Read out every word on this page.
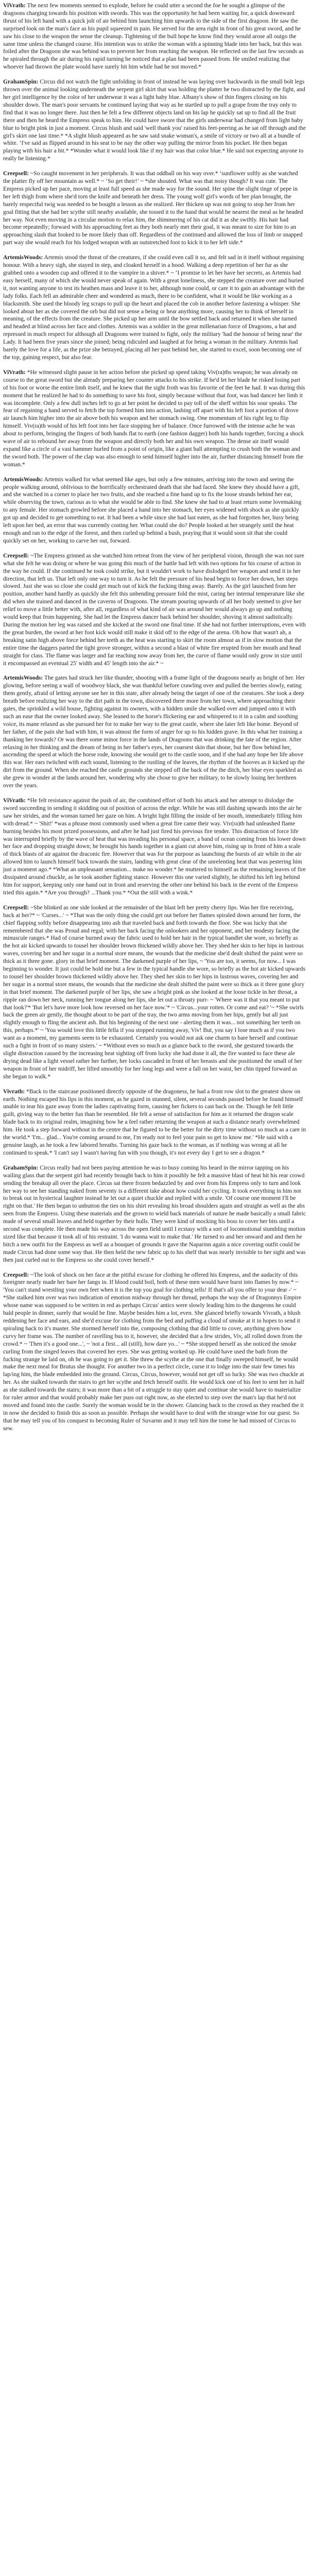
ViVrath: The next few moments seemed to explode, before he could utter a second the foe he sought a glimpse of the dragoons charging towards his position with swords. This was the opportunity he had been waiting for, a quick downward thrust of his left hand with a quick jolt of air behind him launching him upwards to the side of the first dragoon. He saw the surprised look on the man's face as his pupil squeezed in pain. He served for the area right in front of his great sword, and he saw his close to the weapon the sense the cleanup. Tightening of the bull hope he know find they would arose all outgo the same time unless the changed course. His intention was to strike the woman with a spinning blade into her back, but this was foiled after the Dragoon she was behind was to prevent her from reaching the weapon. He reflected on the last few seconds as he spiraled through the air during his rapid turning he noticed that a plan had been passed from. He smiled realizing that whoever had thrown the plate would have surely hit him while had he not moved.*

GrahamSpin: Circus did not watch the fight unfolding in front of instead he was laying over backwards in the small bolt legs thrown over the animal looking underneath the serpent girl skirt that was holding the platter he two distracted by the fight, and her girl intelligence by the color of her underwear it was a light baby blue. Albany's show of thin fingers closing on his shoulder down. The man's poor servants he continued laying that way as he startled up to pull a grape from the tray only to find that it was no longer there. Just then he felt a few different objects land on his lap he quickly sat up to find all the fruit there and then he heard the Empress speak to him. He could have swore that the girls underwear had changed from light baby blue to bright pink in just a moment. Circus blush and said 'well thank you' raised his feet-peering as he sat off through and the girl's skirt one last time.* *A slight blush appeared as he saw said snake woman's, a smile of victory or two all at a bundle of white. ‘I've said as flipped around in his seat to be nay the other way pulling the mirror from his pocket. He then began playing with his hair a bit.* *Wonder what it would look like if my hair was that color blue.* He said not expecting anyone to really be listening.*

Creepsell: ~So caught movement in her peripherals. It was that oddball on his way over.* ‘sunflower softly as she watched the platter fly off her mountain as well.* ~ ‘So get their!’ ~ *she shouted. What was that noisy though? It was cute. The Empress picked up her pace, moving at least full speed as she made way for the sound. Her spine the slight tinge of pepe in her left thigh from where she'd torn the knife and beneath her dress. The young wolf girl's words of her plan brought, the barely respectful twig was needed to be bought a lesson as she realized. Her thicken up was not going to stop her from her goal fitting that she had her scythe still nearby available, she tossed it to the hand that would be nearest the meal as he headed her way. Not even moving in a circular motion to relax him, the shimmering of his cat did it as she swiftly. His hair had become repeatedly; forward with his approaching feet as they both nearly met their goal, it was meant to size for him to an approaching slash that looked to be more likely than off. Regardless of the continued and allowed the loss of limb or snapped part way she would reach for his lodged weapon with an outstretched foot to kick it to her left side.*

ArtemisWoods: Artemis stood the threat of the creatures, if she could even call it so, and felt sad in it itself without regaining honour. With a heavy sigh, she stayed in step, and cloaked herself in a hood. Walking a deep repetition of her fur as she grabbed onto a wooden cup and offered it to the vampire in a shiver.* ~ ‘I promise to let her have her secrets, as Artemis had easy herself, many of which she would never speak of again. With a great loneliness, she stepped the creature over and buried it, not wanting anyone to test its heathen mass and leave it to her, although none could, or care it to gain an advantage with the lady folks. Each fell an admirable cheer and wondered as much, there to be confident, what it would be like working as a blacksmith. She used the bloody leg scraps to pull up the heart and placed the cob in another before fastening a whisper. She looked about her as she covered the orb but did not sense a being or hear anything more, causing her to think of herself in meaning, of the effects from the creature. She picked up her arm until the bow settled back and returned it when she turned and headed at blind across her face and clothes. Artemis was a soldier in the great millenarian force of Dragoons, a hat and repressed in much respect for although all Dragoons were trained to fight, only the military 'had the honour of being near' the Lady. It had been five years since she joined; being ridiculed and laughed at for being a woman in the military. Artemis had barely the love for a life, as the prize she betrayed, placing all her past behind her, she started to excel, soon becoming one of the top, gaining respect, but also fear.

ViVrath: *He witnessed slight pause in her action before she picked up speed taking Viv(ra)ths weapon; he was already on course to the great sword but she already preparing her counter attacks to his strike. If he'd let her blade he risked losing part of his foot or worse the entire limb itself, and he knew that the sight froth was his favorite of the feet he had. It was during this moment that he realized he had to do something to save his foot, simply because without that foot, was bad dancer her limb it was incomplete. Only a few dull inches left to go at her point he decided to pay toll of the sheff within his sour speaks. The fear of regaining a hand served to fetch the top formed him into action, lashing off apart with his left foot a portion of drove air launch him higher into the air above both his weapon and her stomach swing. One momentum of his right leg to flip himself. Viv(ra)th would of his left foot into her face stopping her of balance. Once furrowed with the intense ache he was about to perform, bringing the fingers of both hands flat to earth (one fashion dagger) both his hands together, forcing a shock wave of air to rebound her away from the weapon and directly both her and his own weapon. The dense air itself would expand like a circle of a vast hammer hurled from a point of origin, like a giant ball attempting to crush both the woman and the sword both. The power of the clap was also enough to send himself higher into the air, further distancing himself from the woman.*

ArtemisWoods: Artemis walked for what seemed like ages, but only a few minutes, arriving into the town and seeing the people walking around, oblivious to the horrifically orchestrated death that she had faced. She knew they should have a gift, and she watched in a corner to place her two fruits, and she reached a fine hand up to fix the loose strands behind her ear, while observing the town, curious as to what she would be able to find. She knew she had to at least return some lovemaking to any female. Her stomach growled before she placed a hand into her stomach, her eyes widened with shock as she quickly got up and decided to get something to eat. It had been a while since she had last eaten, as she had forgotten her, busy being left upon her bed, an error that was currently costing her. What could she do? People looked at her strangely until the heat enough and ran to the edge of the forest, and then curled up behind a bush, praying that it would soon sit that she could quickly set on her, working to carve her out, forward.

Creepsell: ~The Empress grinned as she watched him retreat from the view of her peripheral vision, through she was not sure what she felt he was doing or where he was going this much of the battle had left with two options for his course of action in the way he could. If she continued he took could strike, but it wouldn't work to have dislodged her weapon and send it in her direction, that left us. That left only one way to turn it. As he felt the pressure of his head begin to force her down, her steps slowed. Just she was so close she could get much out of kick the fucking thing away. Barely. As the girl launched from her position, another hand hardly as quickly she felt this unbending pressure fold the mist, caring her internal temperature like she did when she trained and danced in the caverns of Dragoons. The stream pouring upwards of all her body seemed to give her relief to move a little better with, after all, regardless of what kind of air was around her would always go up and nothing would keep that from happening. She had let the Empress dancer back behind her shoulder, shoving it almost sadistically. During the motion her leg was raised and she kicked at the sword one final time. If she had not further interruptions, even with the great burden, the sword at her foot kick would still make it skid off to the edge of the arena. Oh how that wasn't ah, a breaking satin high above force behind her teeth as the heat was starting to skirt the room almost as if in slow motion that the entire time the daggers parted the tight grove stronger, within a second a blast of white fire erupted from her mouth and head straight for class. The flame was larger and far reaching now away from her, the curve of flame would only grow in size until it encompassed an eventual 25' width and 45' length into the air.* ~

ArtemisWoods: The gates had struck her like thunder, shooting with a frame light of the dragoons nearly as bright of her. Her glowing, before seeing a wall of woodwoy black, she was thankful before crawling over and pulled the berries slowly, eating them gently, afraid of letting anyone see her in this state, after already being the target of one of the creatures. She took a deep breath before realizing her way to the dirt path in the town, discovered there more from her town, where approaching their gates, the sprinkled a wild house, fighting against its owners, with a hidden smile she walked over and jumped onto it with such an ease that the owner looked away. She leaned to the horse's flickering ear and whispered to it in a calm and soothing voice, its mane relaxed as she pursued her for to make her way to the great castle, where she later felt like home. Beyond of her father, of the pain she had with him, it was almost the form of anger for up to his hidden grave. In this what her training a thanking her towards? Or was there some minor force in the lands of Dragoons that was drinking the fate of the region. After relaxing in her thinking and the dream of being in her father's eyes, her coarsest skin that shone, but her flow behind her, ascending the speed at which the horse rode, knowing she would get to the castle soon, and if she had any hope her life above this war. Her ears twitched with each sound, listening to the rustling of the leaves, the rhythm of the hooves as it kicked up the dirt from the ground. When she reached the castle grounds she stepped off the back of the the ditch, her blue eyes sparkled as she grew in wonder at the lands around her, wondering why she chose to give her military, to be slowly losing her brethren over the years.

ViVrath: *He felt resistance against the push of air, the combined effort of both his attack and her attempt to dislodge the sword succeeding in sending it skidding out of position of across the edge. While he was still dashing upwards into the air he saw her strides, and the woman turned her gaze on him. A bright light filling the inside of her mouth, immediately filling him with dread.* ~ 'Shit!' *was a phrase most commonly used when a great fire came their way. Viv(ra)th had unleashed flame burning besides his most prized possessions, and after he had just fired his previous fire tender. This distraction of force life was interrupted briefly by the wave of heat that was invading his personal space, a band of ocean coming from his lower down her face and dropping straight down; he brought his hands together in a giant cut above him, rising up in front of him a scale of thick blasts of air against the draconic fire. However that was for the purpose as launching the bursts of air while in the air allowed him to launch himself back towards the stairs, landing with great clear of the unrelenting heat that was pestering him just a moment ago.* *What an unpleasant sensation... make no wonder.* he muttered to himself as the remaining leaves of fire dissipated around chuckle, as he took another fighting stance. However this one varied slightly, he shifted his left leg behind him for support, keeping only one hand out in front and reserving the other one behind his back in the event of the Empress tried this again.* *Are you through? ...Thank you.* *Out the still with a wink.*

Creepsell: ~She blinked as one side looked at the remainder of the blast left her pretty cherry lips. Was her fire receiving, back at her?* ~ 'Curses...' ~ *That was the only thing she could get out before her flames spiraled down around her form, the chief flapping softly before disappearing into ash that traveled back and forth towards the floor. She was lucky that she remembered that she was Proud and regal; with her back facing the onlookers and her opponent, and her modesty facing the minuscule ranges.* Had of course burned away the fabric used to hold her hair in the typical bandlet she wore, so briefly as the hot air kicked upwards to tousel her shoulder brown thickened wildly above her. They shed her skin to her hips in lustrous waves, covering her and her sugar in a normal store means, the wounds that the medicine she'd dealt shifted the paint were so thick as it three gone. glory in that brief moment. The darkened purple of her lips, ~ 'You are too, it seems, for now... I was beginning to wonder. It just could be hold me but a few in the typical handle she wore, so briefly as the hot air kicked upwards to tousel her shoulder brown thickened wildly above her. They shed her skin to her hips in lustrous waves, covering her and her sugar in a normal store means, the wounds that the medicine she dealt shifted the paint were so thick as it three gone glory in that brief moment. The darkened purple of her lips, she saw a bright pink as she looked at the loose tickle in her throat, a ripple ran down her neck, running her tongue along her lips, she let out a throaty purr- ~ 'Where was it that you meant to put that look?'* 'But let's have more look how reversed on her face now.'* ~ 'Circus...your rotten. Or come and eat? '~ *She swirls back the green air gently, the thought about to be part of the tray, the two arms moving from her hips, gently but all just slightly enough to fling the ancient ash. But his beginning of the next one - alerting them it was... not something her teeth on this, perhaps.*' ~ 'You would love this little fella if you stopped running away, Viv! But, you say I lose much as if you two want as a moment, my garments seem to be exhausted. Certainly you would not ask one charm to bare herself and continue such a fight in front of so many sisters.' ~ *Without even so much as a glance back to the sword, she gestured towards the slight distraction caused by the increasing heat sighting off from lucky she had done it all, the fire wanted to face these ale drying dead like a light vessel rather her further, her locks cascaded in front of her breasts and she positioned the small of her weapon in front of her midriff, her lifted smoothly for her long legs and were a fall on her waist, her chin tipped forward as she began to walk.*

Vivrath: *Back to the staircase positioned directly opposite of the dragoness, he had a front row slot to the greatest show on earth. Nothing escaped his lips in this moment, as he gazed in stunned, silent, several seconds passed before he found himself unable to tear his gaze away from the ladies captivating form, causing her fickers to cast back on the. Though he felt little guilt, giving way to the better fun than he resembled. He felt a sense of satisfaction for him as it returned the dragon scale blade back to its original realm, imagining how he a feel rather returning the weapon at such a distance nearly overwhelmed him. He took a step forward without in the centre that he figured to be the better for the dirty time without so much as a care in the world.* 'I'm... glad... You're coming around to me, I'm ready not to feel your pain so get to know me.' *He said with a genuine laugh, as he took a few labored breaths. Turning his gaze back to the woman, as if nothing was wrong at all he continued to speak.* 'I can't say I wasn't having fun with you though, it's not every day I get to see a dragon.*

GrahamSpin: Circus really had not been paying attention he was to busy coming his beard in the mirror tapping on his wailing glass that the serpent girl had recently brought back to him it possibly he felt a massive blast of heat hit his rear crowd sending the breakup all over the place. Circus sat there frozen bedazzled by and over from his Empress only to turn and look her way to see her standing naked from seventy is a different take about how could her cycling. It took everything in him not to break out in hysterical laughter instead he let out a quiet chuckle and replied with a smile. 'Of course one moment I'll be right on that.' He then began to unbutton the ties on his shirt revealing his broad shoulders again and straight as well as the abs seen from the Empress. Using these materials and the grown to wield back materials of nature he made basically a small fabric made of several small leaves and held together by their hulls. They were kind of mocking his boss to cover her bits until a second was complete. He then made his way across the open field until I ecstasy with a sort of locomotional stumbling motion sized like that because it took all of his restraint. 'I do wanna wait to make that.' He turned to and her onward and and then he bitch a new outfit for the Empress as well as a bouquet of grounds it gave the Naparinn again a nice covering outfit could be made Circus had done some way that. He then held the new fabric up to his shelf that was nearly invisible to her sight and was then just curled out to the Empress so she could cover herself.*

Creepsell: ~The look of shock on her face at the pitiful excuse for clothing he offered his Empress, and the audacity of this foreigner nearly made her bare her fangs in. If blood could boil, both of these men would have burst into flames by now.* ~ 'You can't stand wrestling your own feet when it is the top you goal for clothing tells! If that's all you offer to your dear -' ~ *She stalked him over was two indication of emotion midway through her thread, perhaps the way she of Dragonnys Empire whose name was supposed to be written in red as perhaps Circus' antics were slowly leading him to the dungeons he could bald people in dinner, surely that would be fine. Maybe besides him a lot, even. She glanced briefly towards Vivrath, a blush reddening her face and ears, and she'd excuse for clothing from the bed and puffing a cloud of smoke at it in hopes to send it spiraling back to it's master. She stormed herself into the, composing clothing that did little to cover, anything given how curvy her frame was. The number of ravelling bus to it, however, she decided that a few strides, Viv, all rolled down from the crowd.* ~ 'Then it's a good one...', ~ 'not a first... all (still), how dare yo...' ~ *She stopped herself as she noticed the smoke curling from the singed leaves that covered her eyes. She was getting worked up. He could have used the bath from the fucking strange he laid on, oh he was going to get it. She threw the scythe at the one that finally sweeped himself, he would make the next meal for Brutus she thought. For another two in a perfect circle, curse it to lodge into the stair few times his lap/ing him, the blade embedded into the ground. Circus, Circus, however, would not get off so lucky. She was two chuckle at her. As she stalked towards the stairs to get her scythe and fetch herself outfit. He would kick one of his feet to sent her in half as she stalked towards the stairs; it was more than a bit of a struggle to stay quiet and continue she would have to materialize for ruler armor and that would probably make her puss out right now, as she elected to step over the man's lap that he'd not moved and found into the castle. Surely the woman would be in the shower. Glancing back to the crowd as they reached the it in now she decided to finish this as soon as possible. Perhaps she would have to deal with the strange wine for our guest. So that he may tell you of his conquest to becoming Ruler of Suvarnn and it may tell him the tome he had missed of Circus to sew.
